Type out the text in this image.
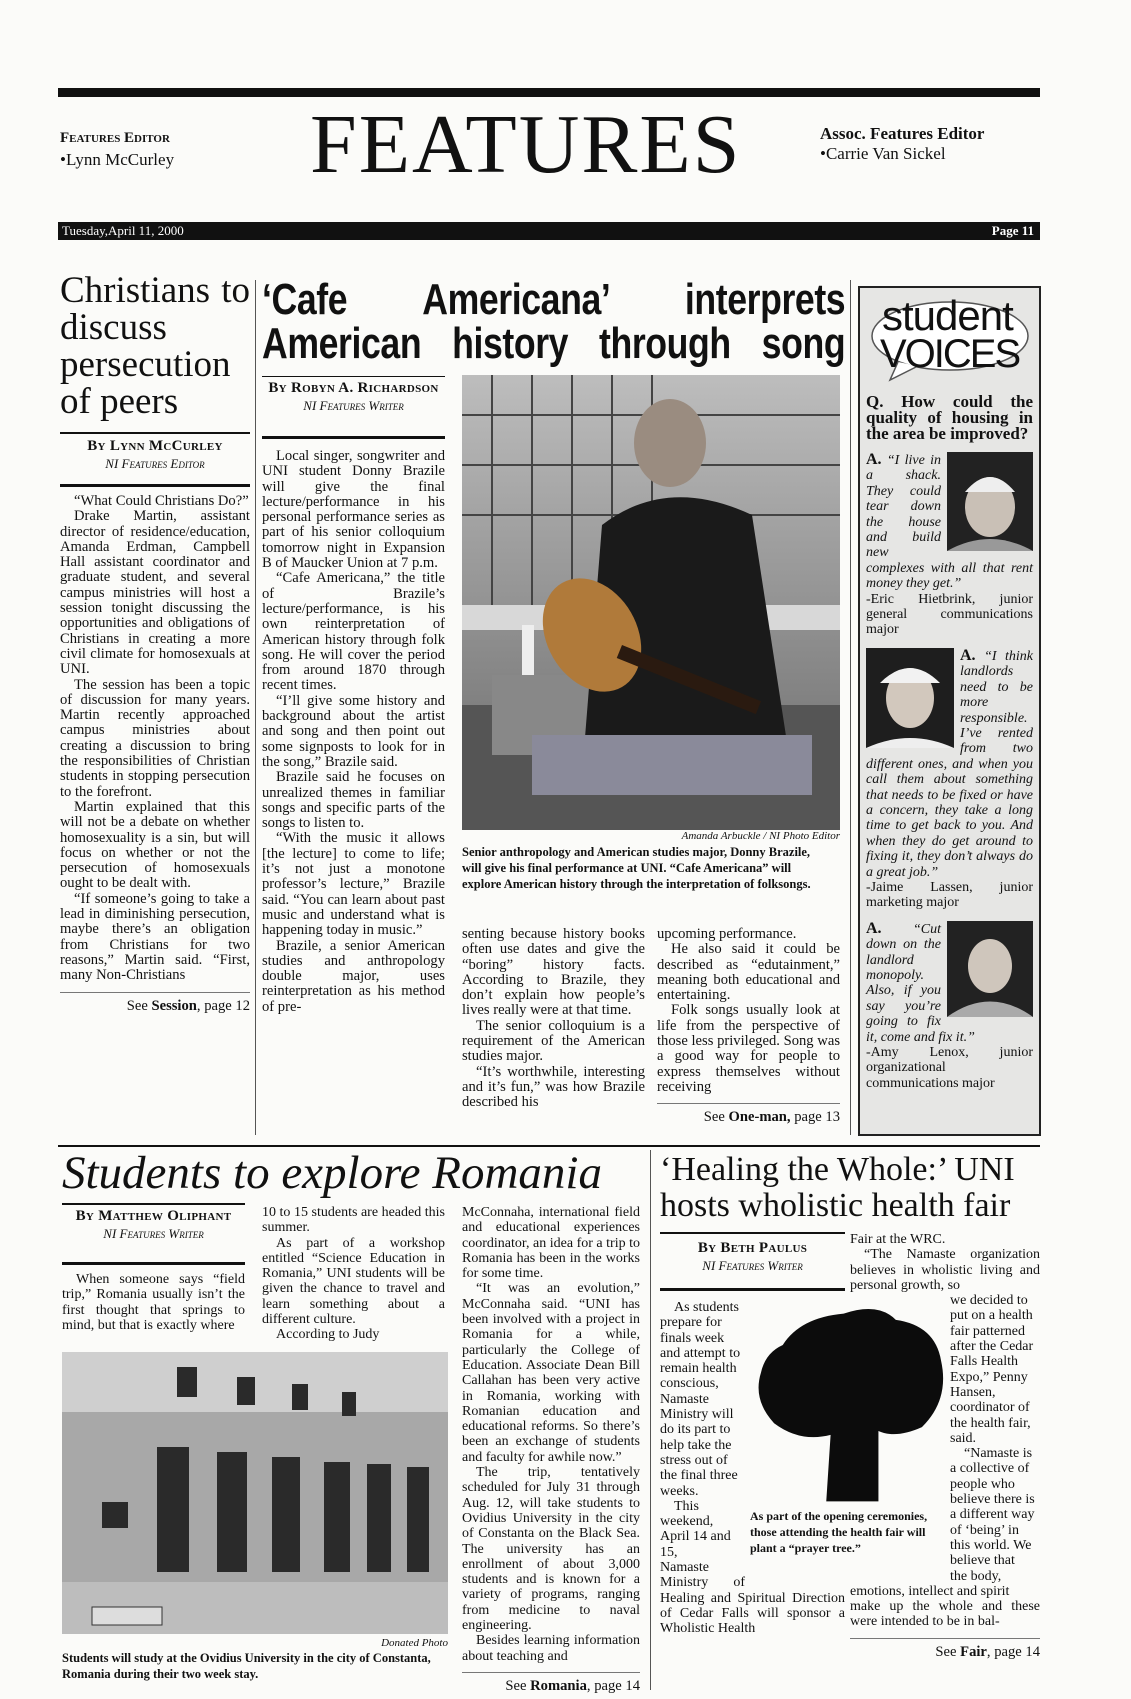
Features Editor
•Lynn McCurley FEATURES	Assoc. Features Editor
•Carrie Van Sickel
Tuesday,April 11, 2000	Page 11
Christians to discuss persecution of peers
By Lynn McCurley
NI Features Editor

“What Could Christians Do?”

Drake Martin, assistant director of residence/education, Amanda Erdman, Campbell Hall assistant coordinator and graduate student, and several campus ministries will host a session tonight discussing the opportunities and obligations of Christians in creating a more civil climate for homosexuals at UNI.

The session has been a topic of discussion for many years. Martin recently approached campus ministries about creating a discussion to bring the responsibilities of Christian students in stopping persecution to the forefront.

Martin explained that this will not be a debate on whether homosexuality is a sin, but will focus on whether or not the persecution of homosexuals ought to be dealt with.

“If someone’s going to take a lead in diminishing persecution, maybe there’s an obligation from Christians for two reasons,” Martin said. “First, many Non-Christians

See Session, page 12
‘Cafe Americana’ interprets American history through song
By Robyn A. Richardson
NI Features Writer

Local singer, songwriter and UNI student Donny Brazile will give the final lecture/performance in his personal performance series as part of his senior colloquium tomorrow night in Expansion B of Maucker Union at 7 p.m.

“Cafe Americana,” the title of Brazile’s lecture/performance, is his own reinterpretation of American history through folk song. He will cover the period from around 1870 through recent times.

“I’ll give some history and background about the artist and song and then point out some signposts to look for in the song,” Brazile said.

Brazile said he focuses on unrealized themes in familiar songs and specific parts of the songs to listen to.

“With the music it allows [the lecture] to come to life; it’s not just a monotone professor’s lecture,” Brazile said. “You can learn about past music and understand what is happening today in music.”

Brazile, a senior American studies and anthropology double major, uses reinterpretation as his method of pre-

Amanda Arbuckle / NI Photo Editor
Senior anthropology and American studies major, Donny Brazile, will give his final performance at UNI. “Cafe Americana” will explore American history through the interpretation of folksongs.

senting because history books often use dates and give the “boring” history facts. According to Brazile, they don’t explain how people’s lives really were at that time.

The senior colloquium is a requirement of the American studies major.

“It’s worthwhile, interesting and it’s fun,” was how Brazile described his

upcoming performance.

He also said it could be described as “edutainment,” meaning both educational and entertaining.

Folk songs usually look at life from the perspective of those less privileged. Song was a good way for people to express themselves without receiving

See One-man, page 13
student
VOICES
Q. How could the quality of housing in the area be improved?
A. “I live in a shack. They could tear down the house and build new complexes with all that rent money they get.”
-Eric Hietbrink, junior general communications major
A. “I think landlords need to be more responsible. I’ve rented from two different ones, and when you call them about something that needs to be fixed or have a concern, they take a long time to get back to you. And when they do get around to fixing it, they don’t always do a great job.”
-Jaime Lassen, junior marketing major
A. “Cut down on the landlord monopoly. Also, if you say you’re going to fix it, come and fix it.”
-Amy Lenox, junior organizational communications major
Students to explore Romania
By Matthew Oliphant
NI Features Writer

When someone says “field trip,” Romania usually isn’t the first thought that springs to mind, but that is exactly where

10 to 15 students are headed this summer.

As part of a workshop entitled “Science Education in Romania,” UNI students will be given the chance to travel and learn something about a different culture.

According to Judy

McConnaha, international field and educational experiences coordinator, an idea for a trip to Romania has been in the works for some time.

“It was an evolution,” McConnaha said. “UNI has been involved with a project in Romania for a while, particularly the College of Education. Associate Dean Bill Callahan has been very active in Romania, working with Romanian education and educational reforms. So there’s been an exchange of students and faculty for awhile now.”

The trip, tentatively scheduled for July 31 through Aug. 12, will take students to Ovidius University in the city of Constanta on the Black Sea. The university has an enrollment of about 3,000 students and is known for a variety of programs, ranging from medicine to naval engineering.

Besides learning information about teaching and

See Romania, page 14
Donated Photo
Students will study at the Ovidius University in the city of Constanta, Romania during their two week stay.
‘Healing the Whole:’ UNI hosts wholistic health fair
By Beth Paulus
NI Features Writer
As part of the opening ceremonies, those attending the health fair will plant a “prayer tree.”

As students prepare for finals week and attempt to remain health conscious, Namaste

Ministry will do its part to help take the stress out of the final three weeks.

This weekend, April 14 and 15,

Namaste Ministry of Healing and Spiritual Direction of Cedar Falls will sponsor a Wholistic Health
Fair at the WRC.

“The Namaste organization believes in wholistic living and personal growth, so

we decided to put on a health fair patterned after the Cedar Falls Health Expo,” Penny Hansen, coordinator of the health fair, said.

“Namaste is a collective of people who believe there is a different way of ‘being’ in this world. We believe that

the body, emotions, intellect and spirit
make up the whole and these were intended to be in bal-
See Fair, page 14
